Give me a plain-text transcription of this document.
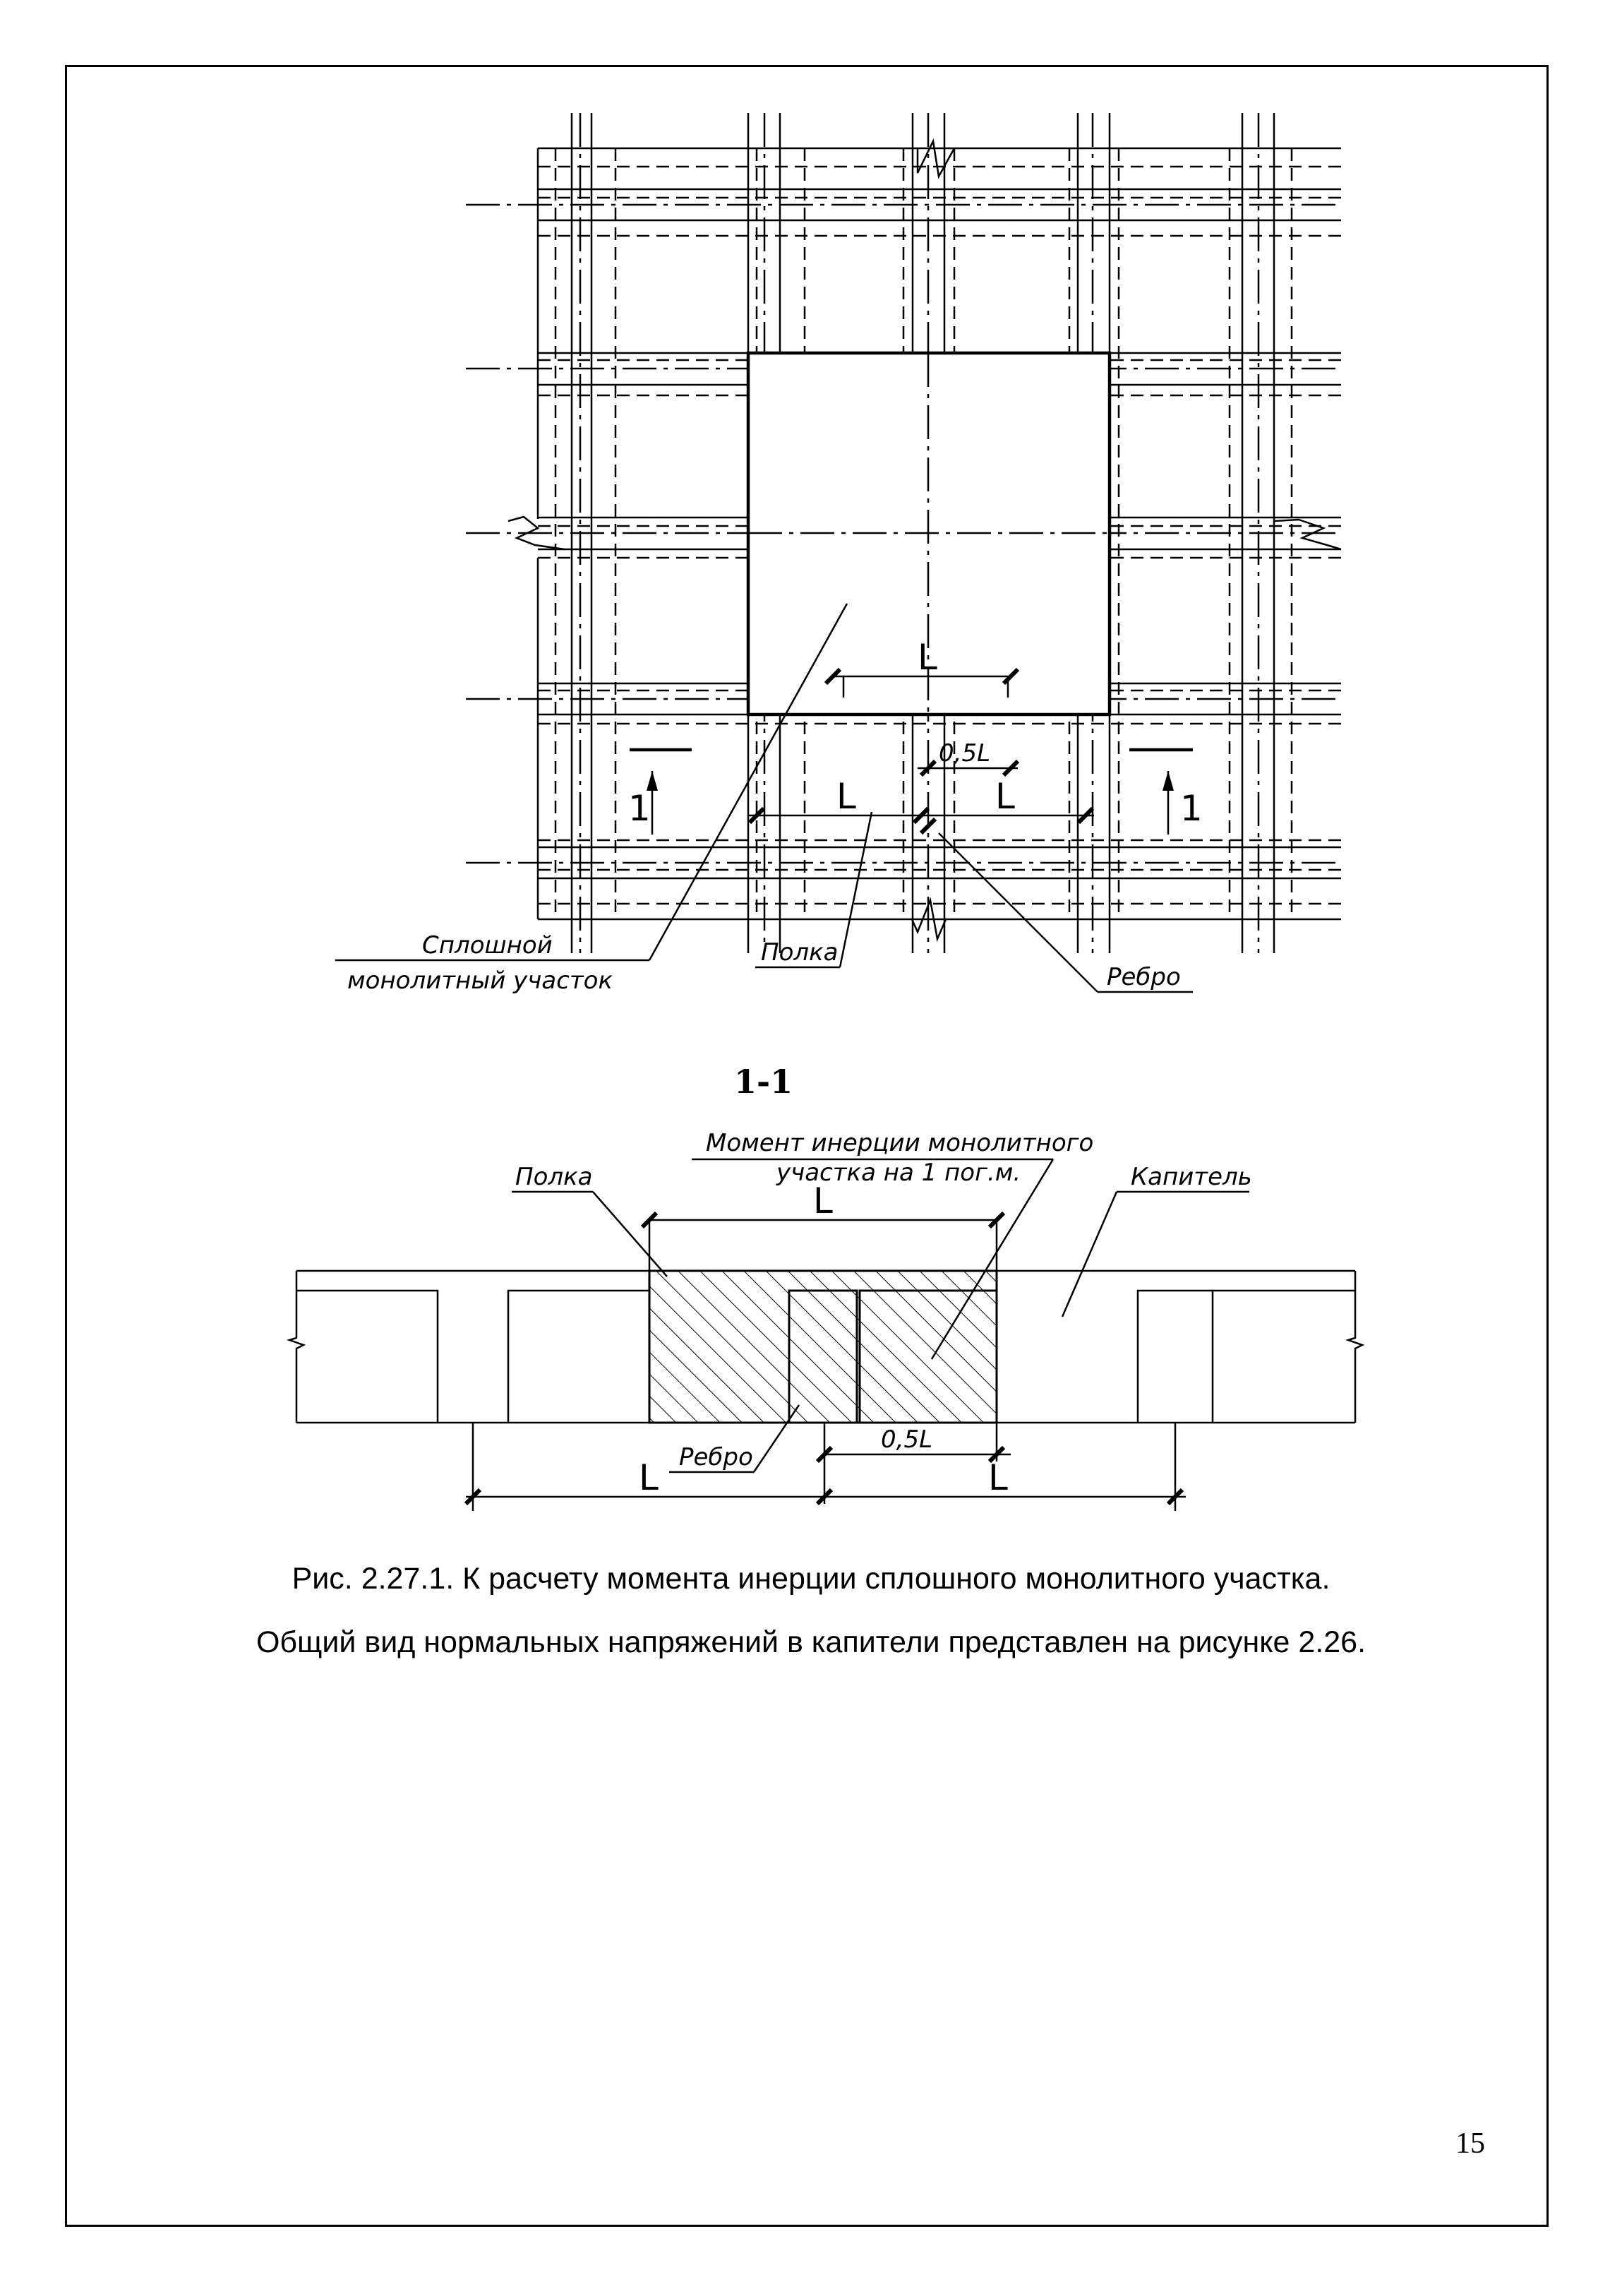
L
0,5L
L	L
1	1
Сплошной
монолитный участок
Полка
Ребро
1-1
Момент инерции монолитного
участка на 1 пог.м.
Полка	Капитель
Ребро
L
0,5L
L	L
Рис. 2.27.1. К расчету момента инерции сплошного монолитного участка.
Общий вид нормальных напряжений в капители представлен на рисунке 2.26.
15
